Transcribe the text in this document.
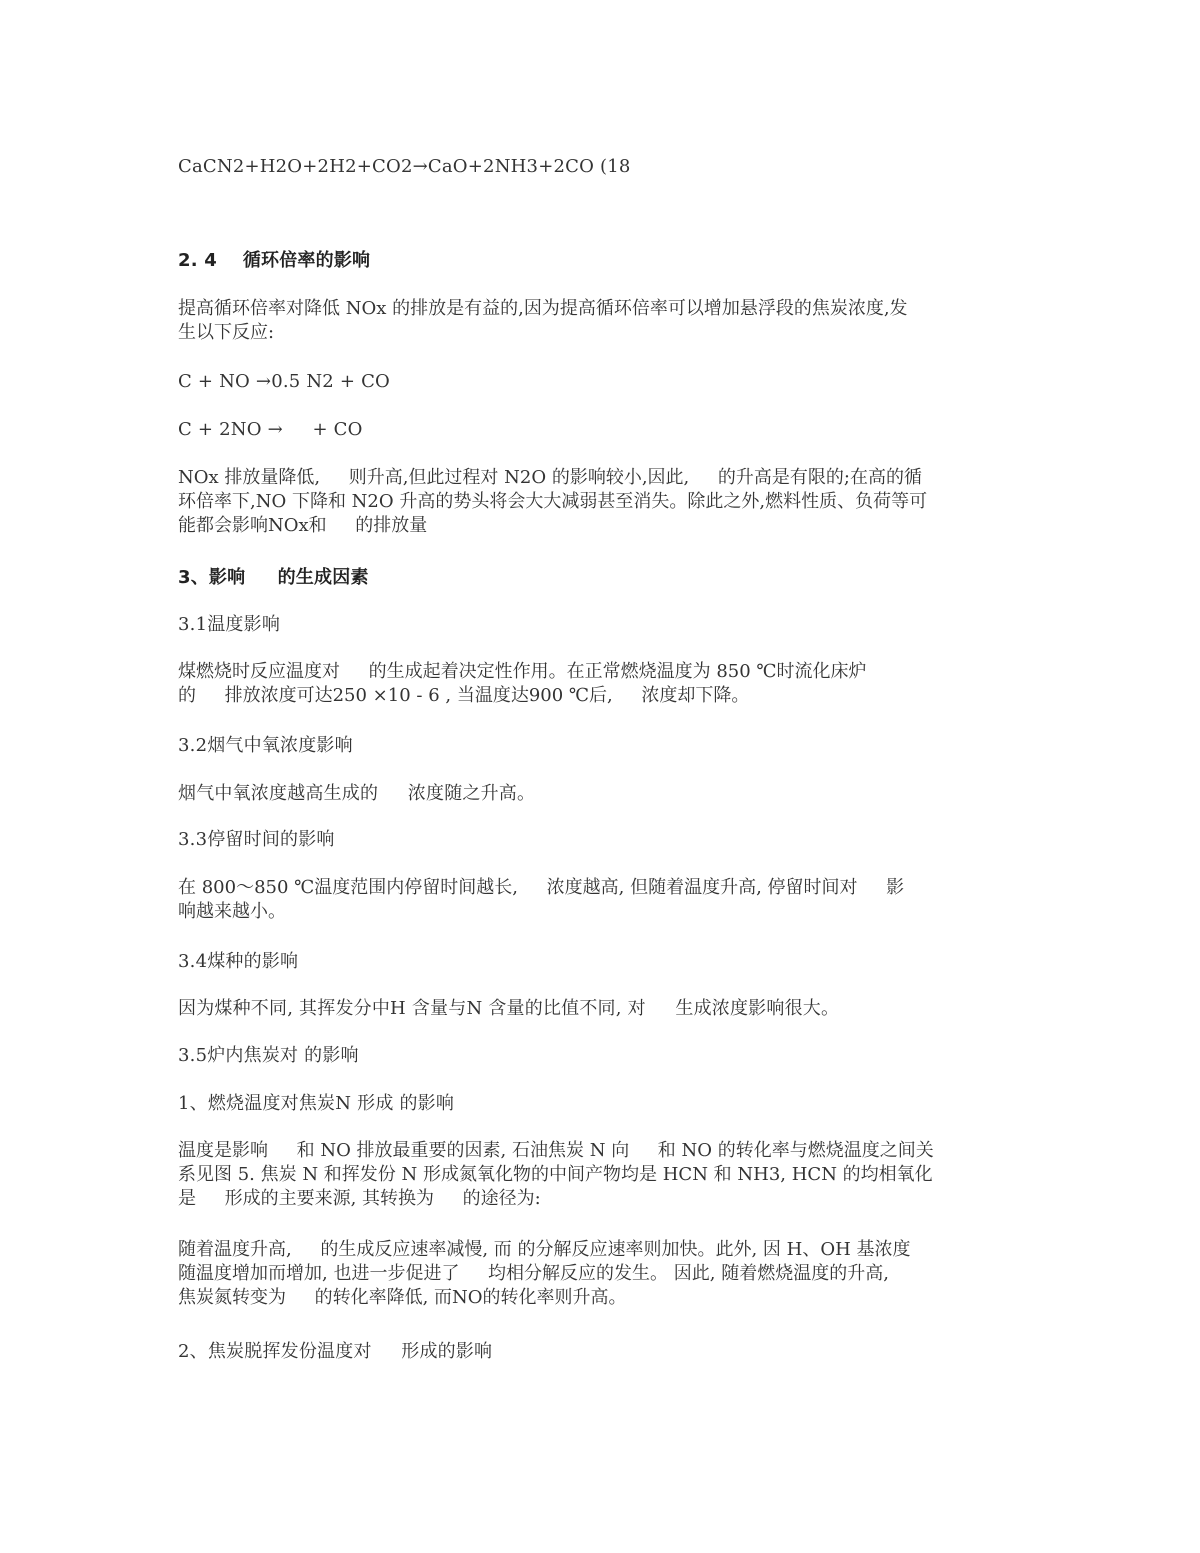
CaCN2+H2O+2H2+CO2→CaO+2NH3+2CO (18
2. 4    循环倍率的影响
提高循环倍率对降低 NOx 的排放是有益的,因为提高循环倍率可以增加悬浮段的焦炭浓度,发
生以下反应:
C + NO →0.5 N2 + CO
C + 2NO →     + CO
NOx 排放量降低,     则升高,但此过程对 N2O 的影响较小,因此,     的升高是有限的;在高的循
环倍率下,NO 下降和 N2O 升高的势头将会大大减弱甚至消失。除此之外,燃料性质、负荷等可
能都会影响NOx和     的排放量
3、影响     的生成因素
3.1温度影响
煤燃烧时反应温度对     的生成起着决定性作用。在正常燃烧温度为 850 ℃时流化床炉
的     排放浓度可达250 ×10 - 6 , 当温度达900 ℃后,     浓度却下降。
3.2烟气中氧浓度影响
烟气中氧浓度越高生成的     浓度随之升高。
3.3停留时间的影响
在 800～850 ℃温度范围内停留时间越长,     浓度越高, 但随着温度升高, 停留时间对     影
响越来越小。
3.4煤种的影响
因为煤种不同, 其挥发分中H 含量与N 含量的比值不同, 对     生成浓度影响很大。
3.5炉内焦炭对 的影响
1、燃烧温度对焦炭N 形成 的影响
温度是影响     和 NO 排放最重要的因素, 石油焦炭 N 向     和 NO 的转化率与燃烧温度之间关
系见图 5. 焦炭 N 和挥发份 N 形成氮氧化物的中间产物均是 HCN 和 NH3, HCN 的均相氧化
是     形成的主要来源, 其转换为     的途径为:
随着温度升高,     的生成反应速率减慢, 而 的分解反应速率则加快。此外, 因 H、OH 基浓度
随温度增加而增加, 也进一步促进了     均相分解反应的发生。 因此, 随着燃烧温度的升高,
焦炭氮转变为     的转化率降低, 而NO的转化率则升高。
2、焦炭脱挥发份温度对     形成的影响
